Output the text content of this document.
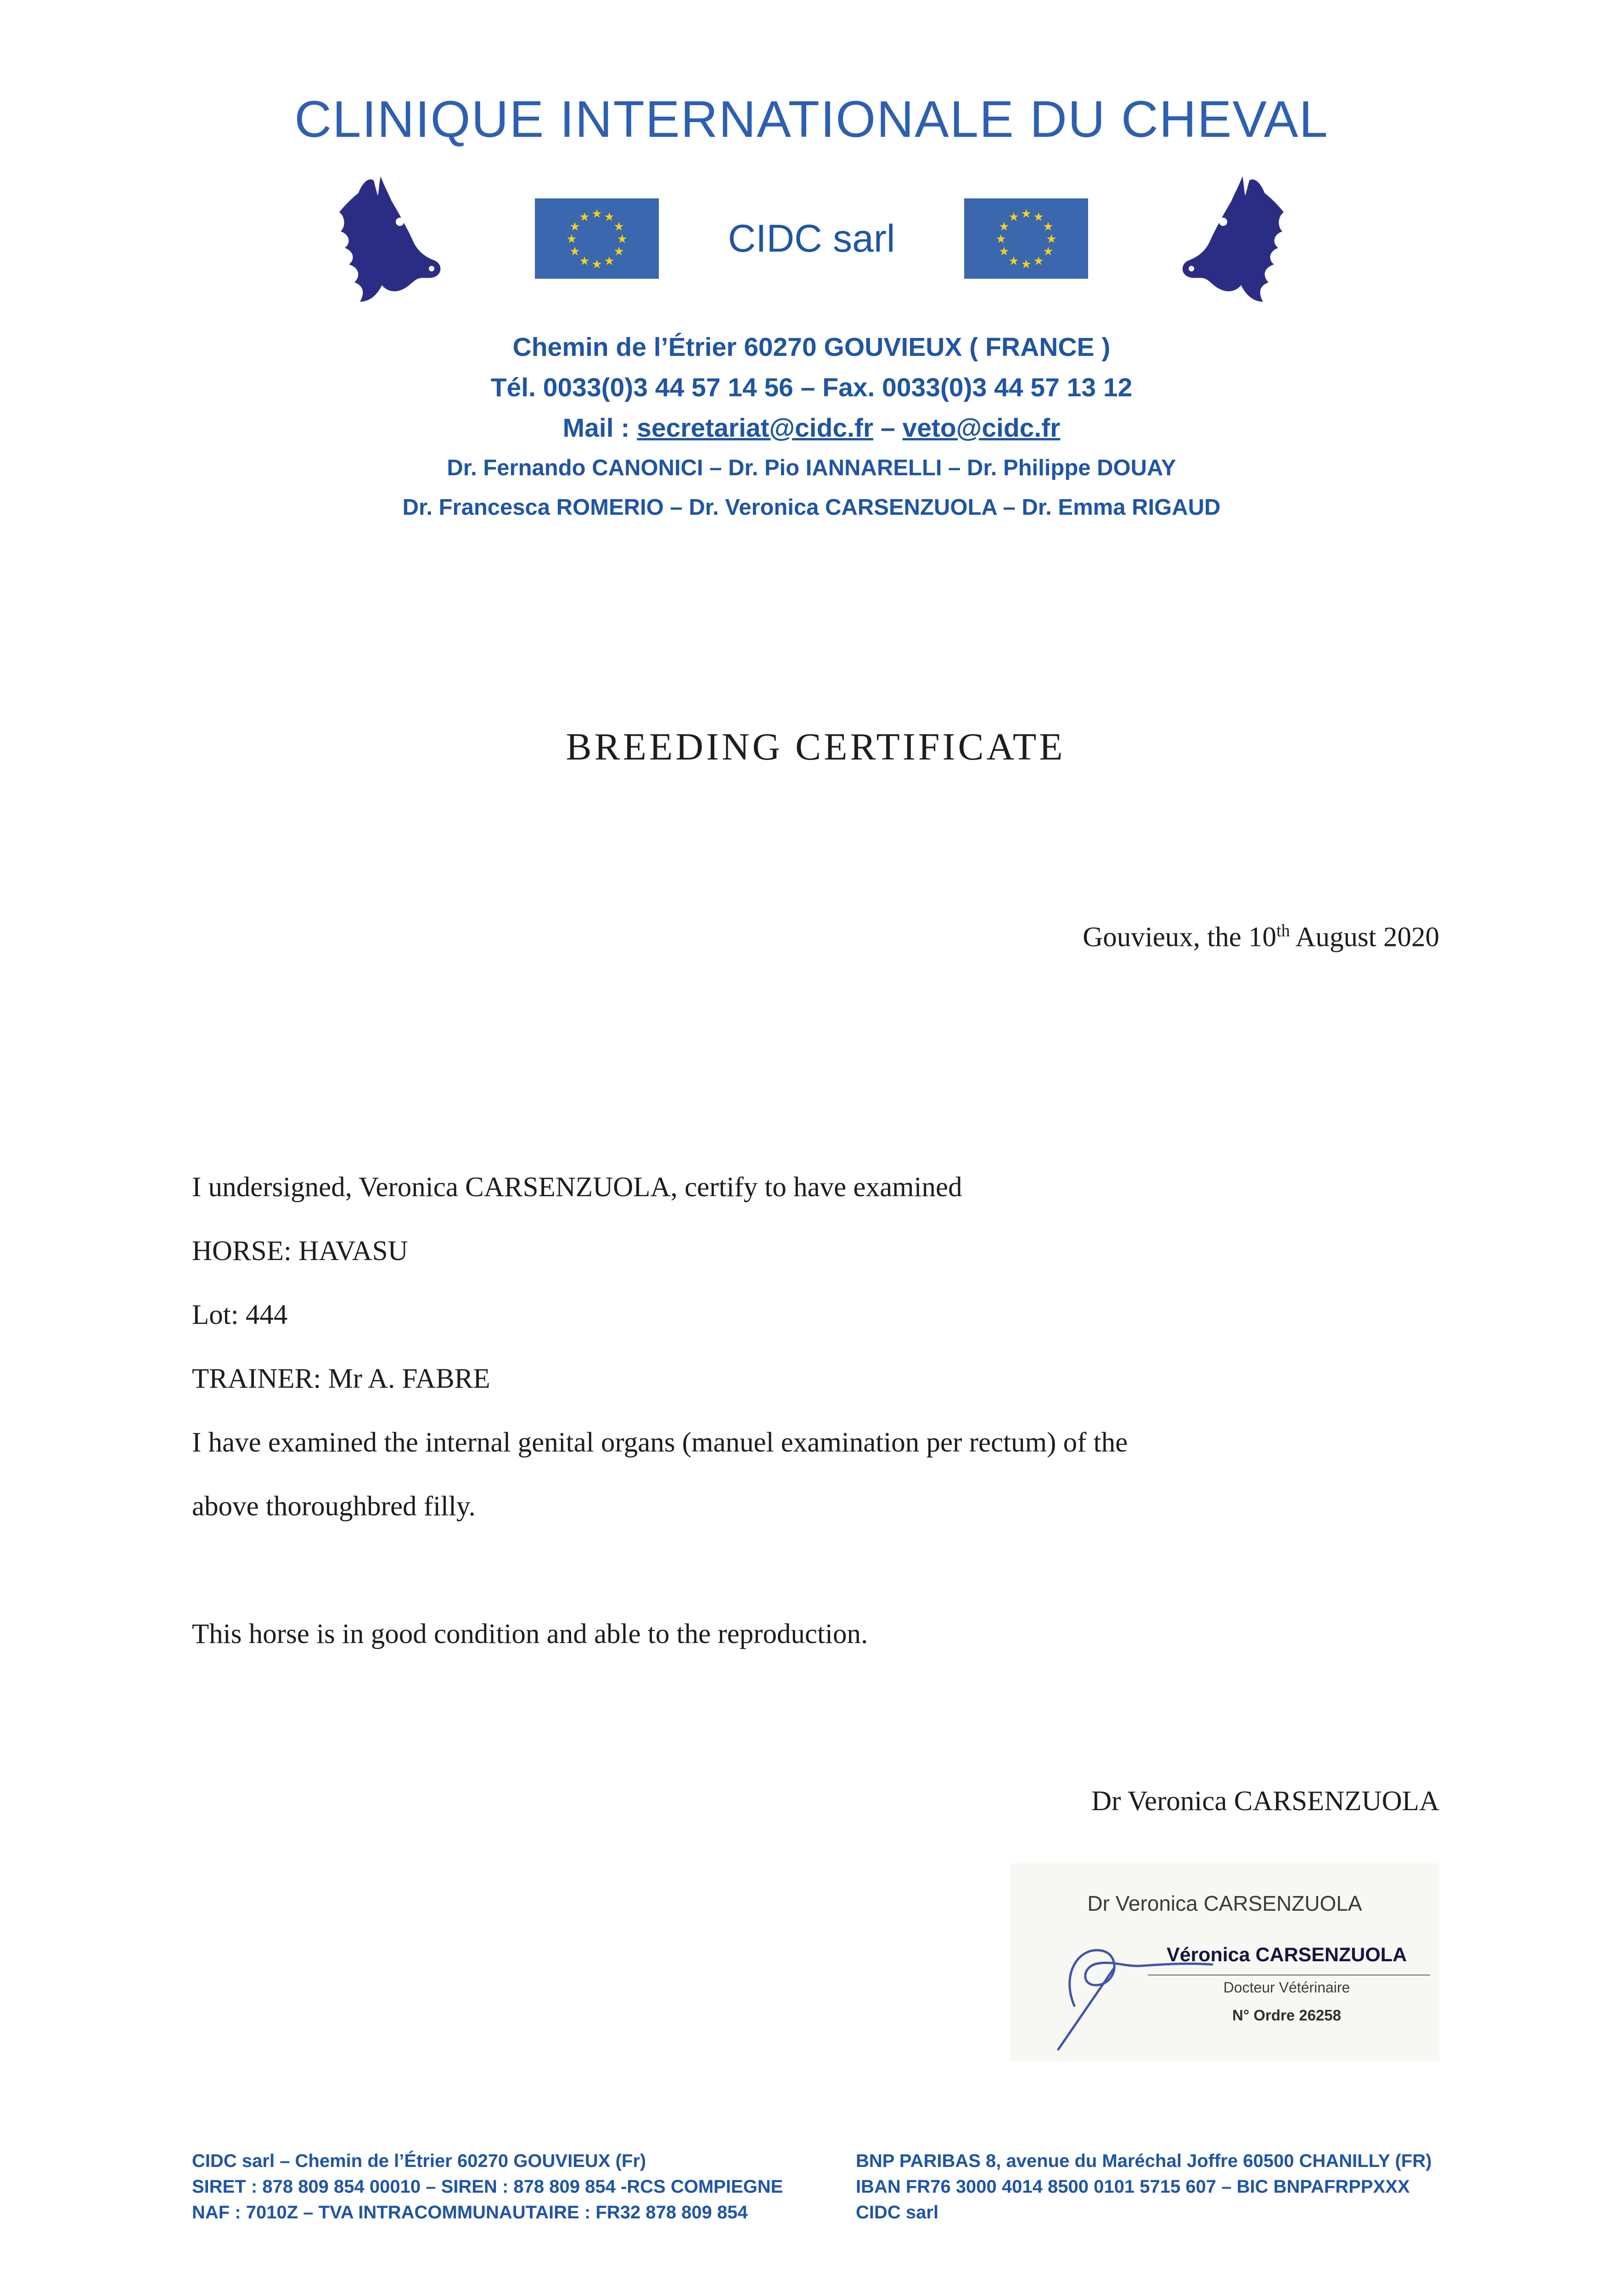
CLINIQUE INTERNATIONALE DU CHEVAL
★ ★
★
★
★
★
★
★
★
★
★
★	CIDC sarl
★ ★
★
★
★
★
★
★
★
★
★
★
Chemin de l’Étrier 60270 GOUVIEUX ( FRANCE )
Tél. 0033(0)3 44 57 14 56 – Fax. 0033(0)3 44 57 13 12
Mail : secretariat@cidc.fr – veto@cidc.fr
Dr. Fernando CANONICI – Dr. Pio IANNARELLI – Dr. Philippe DOUAY
Dr. Francesca ROMERIO – Dr. Veronica CARSENZUOLA – Dr. Emma RIGAUD
BREEDING CERTIFICATE
Gouvieux, the 10th August 2020
I undersigned, Veronica CARSENZUOLA, certify to have examined
HORSE: HAVASU
Lot: 444
TRAINER: Mr A. FABRE
I have examined the internal genital organs (manuel examination per rectum) of the
above thoroughbred filly.
This horse is in good condition and able to the reproduction.
Dr Veronica CARSENZUOLA
Dr Veronica CARSENZUOLA
Véronica CARSENZUOLA
Docteur Vétérinaire
N° Ordre 26258
CIDC sarl – Chemin de l’Étrier 60270 GOUVIEUX (Fr)
SIRET : 878 809 854 00010 – SIREN : 878 809 854 -RCS COMPIEGNE
NAF : 7010Z – TVA INTRACOMMUNAUTAIRE : FR32 878 809 854
BNP PARIBAS 8, avenue du Maréchal Joffre 60500 CHANILLY (FR)
IBAN FR76 3000 4014 8500 0101 5715 607 – BIC BNPAFRPPXXX
CIDC sarl
